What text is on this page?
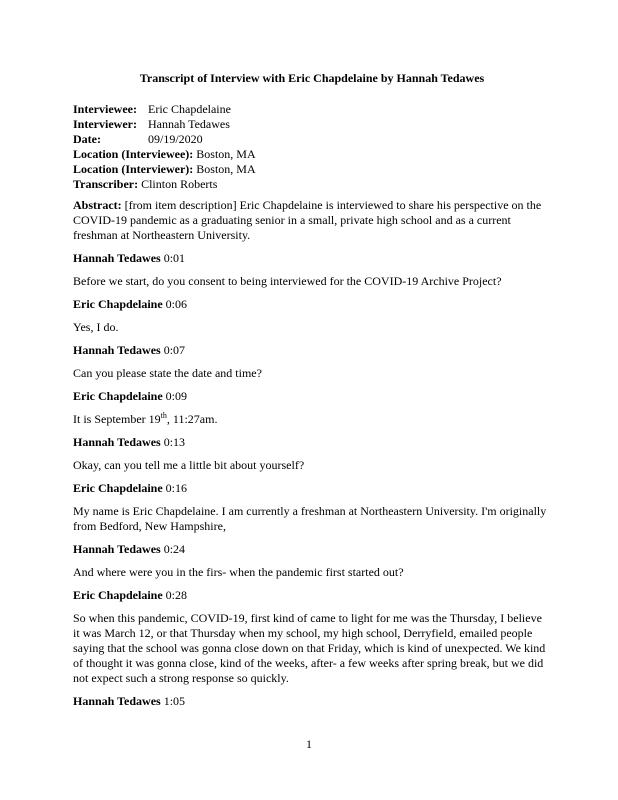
Transcript of Interview with Eric Chapdelaine by Hannah Tedawes
Interviewee: Eric Chapdelaine
Interviewer: Hannah Tedawes
Date:	09/19/2020
Location (Interviewee): Boston, MA
Location (Interviewer): Boston, MA
Transcriber: Clinton Roberts

Abstract: [from item description] Eric Chapdelaine is interviewed to share his perspective on the COVID-19 pandemic as a graduating senior in a small, private high school and as a current freshman at Northeastern University.

Hannah Tedawes 0:01

Before we start, do you consent to being interviewed for the COVID-19 Archive Project?

Eric Chapdelaine 0:06

Yes, I do.

Hannah Tedawes 0:07

Can you please state the date and time?

Eric Chapdelaine 0:09

It is September 19th, 11:27am.

Hannah Tedawes 0:13

Okay, can you tell me a little bit about yourself?

Eric Chapdelaine 0:16

My name is Eric Chapdelaine. I am currently a freshman at Northeastern University. I'm originally from Bedford, New Hampshire,

Hannah Tedawes 0:24

And where were you in the firs- when the pandemic first started out?

Eric Chapdelaine 0:28

So when this pandemic, COVID-19, first kind of came to light for me was the Thursday, I believe it was March 12, or that Thursday when my school, my high school, Derryfield, emailed people saying that the school was gonna close down on that Friday, which is kind of unexpected. We kind of thought it was gonna close, kind of the weeks, after- a few weeks after spring break, but we did not expect such a strong response so quickly.

Hannah Tedawes 1:05

1
